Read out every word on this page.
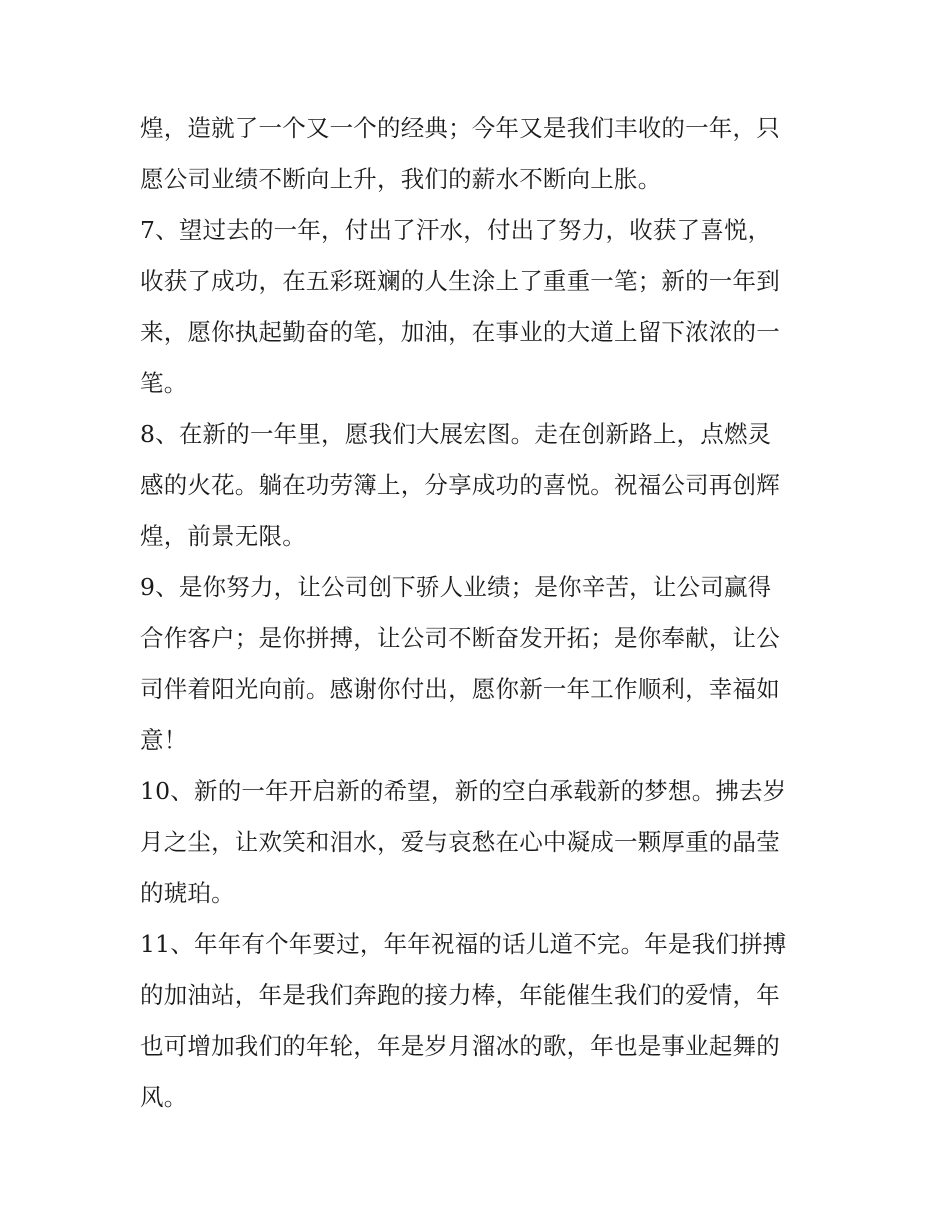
煌，造就了一个又一个的经典；今年又是我们丰收的一年，只
愿公司业绩不断向上升，我们的薪水不断向上胀。
7、望过去的一年，付出了汗水，付出了努力，收获了喜悦，
收获了成功，在五彩斑斓的人生涂上了重重一笔；新的一年到
来，愿你执起勤奋的笔，加油，在事业的大道上留下浓浓的一
笔。
8、在新的一年里，愿我们大展宏图。走在创新路上，点燃灵
感的火花。躺在功劳簿上，分享成功的喜悦。祝福公司再创辉
煌，前景无限。
9、是你努力，让公司创下骄人业绩；是你辛苦，让公司赢得
合作客户；是你拼搏，让公司不断奋发开拓；是你奉献，让公
司伴着阳光向前。感谢你付出，愿你新一年工作顺利，幸福如
意！
10、新的一年开启新的希望，新的空白承载新的梦想。拂去岁
月之尘，让欢笑和泪水，爱与哀愁在心中凝成一颗厚重的晶莹
的琥珀。
11、年年有个年要过，年年祝福的话儿道不完。年是我们拼搏
的加油站，年是我们奔跑的接力棒，年能催生我们的爱情，年
也可增加我们的年轮，年是岁月溜冰的歌，年也是事业起舞的
风。
